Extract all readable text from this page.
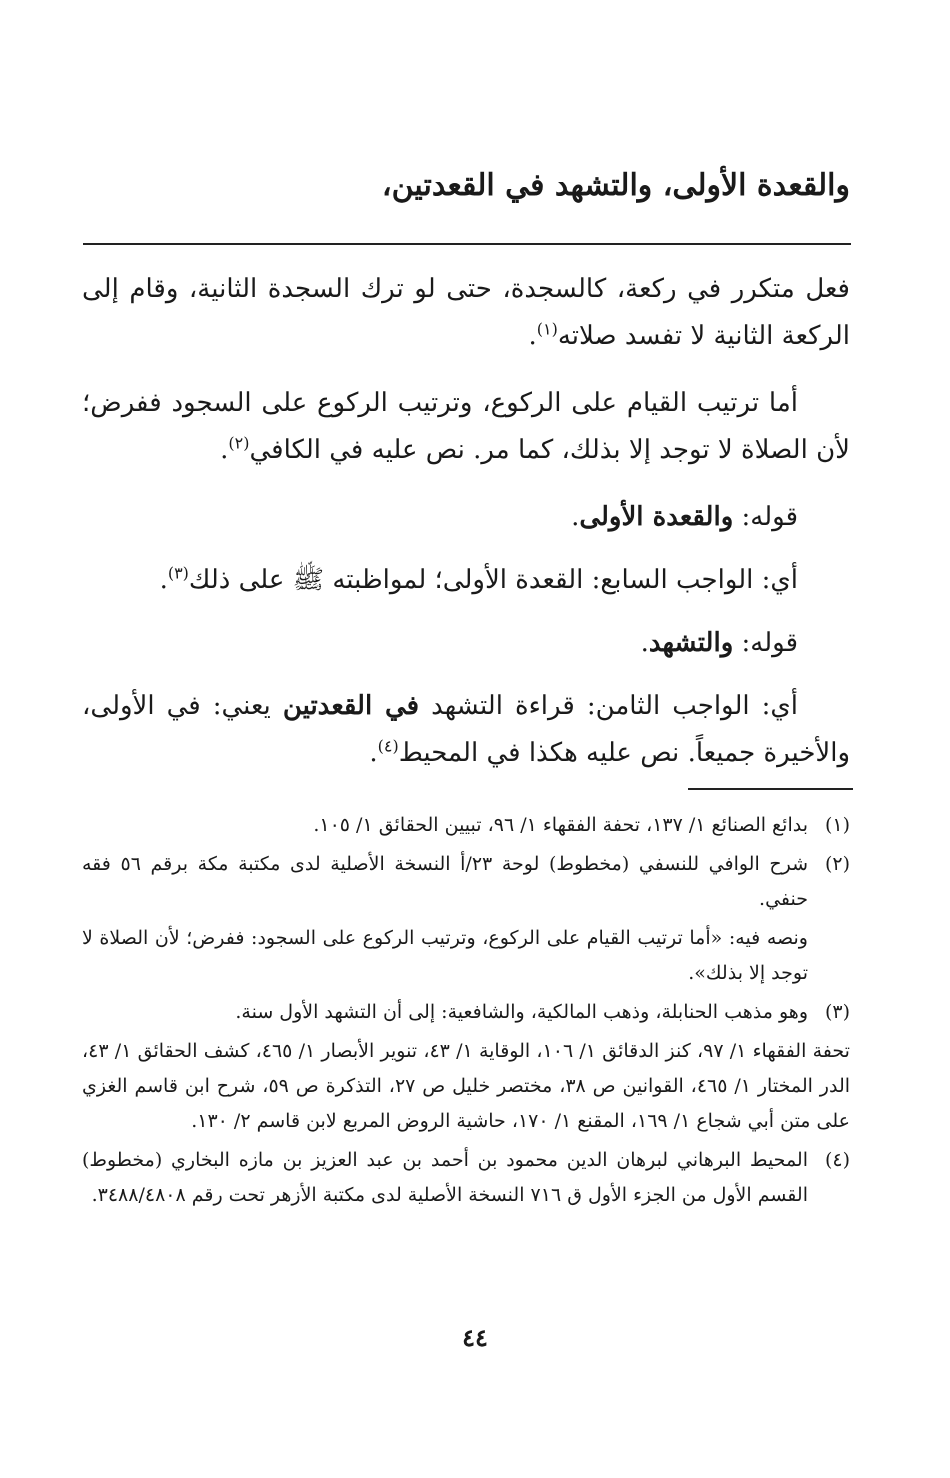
والقعدة الأولى، والتشهد في القعدتين،

فعل متكرر في ركعة، كالسجدة، حتى لو ترك السجدة الثانية، وقام إلى الركعة الثانية لا تفسد صلاته$^{(١)}$.

أما ترتيب القيام على الركوع، وترتيب الركوع على السجود ففرض؛ لأن الصلاة لا توجد إلا بذلك، كما مر. نص عليه في الكافي$^{(٢)}$.

قوله: والقعدة الأولى.

أي: الواجب السابع: القعدة الأولى؛ لمواظبته ﷺ على ذلك$^{(٣)}$.

قوله: والتشهد.

أي: الواجب الثامن: قراءة التشهد في القعدتين يعني: في الأولى، والأخيرة جميعاً. نص عليه هكذا في المحيط$^{(٤)}$.

(١)

بدائع الصنائع ١/ ١٣٧، تحفة الفقهاء ١/ ٩٦، تبيين الحقائق ١/ ١٠٥.

(٢)

شرح الوافي للنسفي (مخطوط) لوحة ٢٣/أ النسخة الأصلية لدى مكتبة مكة برقم ٥٦ فقه حنفي.

ونصه فيه: «أما ترتيب القيام على الركوع، وترتيب الركوع على السجود: ففرض؛ لأن الصلاة لا توجد إلا بذلك».

(٣)

وهو مذهب الحنابلة، وذهب المالكية، والشافعية: إلى أن التشهد الأول سنة.

تحفة الفقهاء ١/ ٩٧، كنز الدقائق ١/ ١٠٦، الوقاية ١/ ٤٣، تنوير الأبصار ١/ ٤٦٥، كشف الحقائق ١/ ٤٣، الدر المختار ١/ ٤٦٥، القوانين ص ٣٨، مختصر خليل ص ٢٧، التذكرة ص ٥٩، شرح ابن قاسم الغزي على متن أبي شجاع ١/ ١٦٩، المقنع ١/ ١٧٠، حاشية الروض المربع لابن قاسم ٢/ ١٣٠.

(٤)

المحيط البرهاني لبرهان الدين محمود بن أحمد بن عبد العزيز بن مازه البخاري (مخطوط) القسم الأول من الجزء الأول ق ٧١٦ النسخة الأصلية لدى مكتبة الأزهر تحت رقم ٣٤٨٨/٤٨٠٨.

٤٤
